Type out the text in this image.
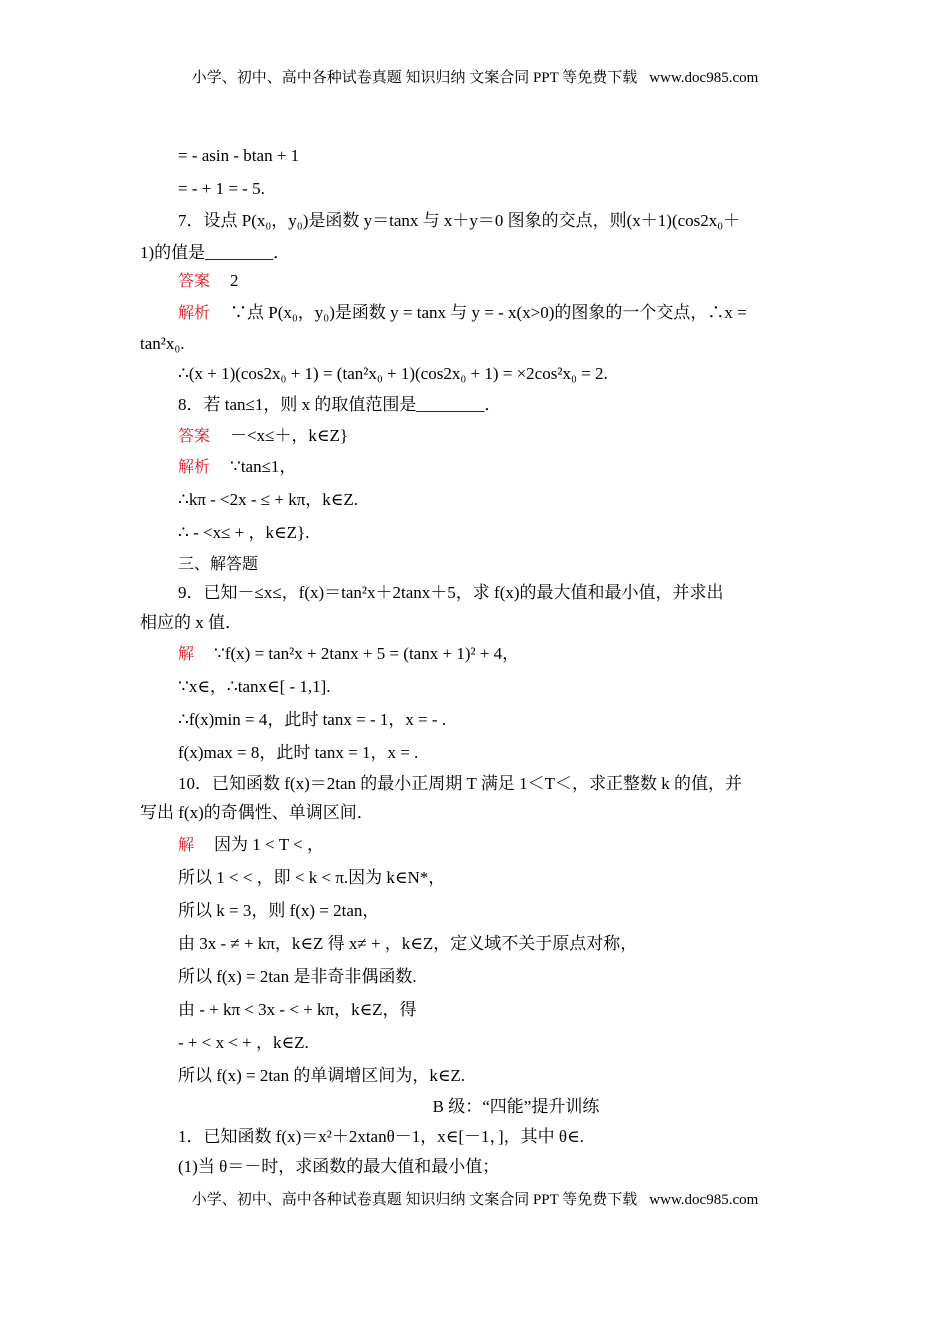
小学、初中、高中各种试卷真题 知识归纳 文案合同 PPT 等免费下载 www.doc985.com
= - asin - btan + 1
= - + 1 = - 5.
7．设点 P(x₀，y₀)是函数 y＝tanx 与 x＋y＝0 图象的交点，则(x＋1)(cos2x₀＋
1)的值是________．
答案 2
解析 ∵点 P(x₀，y₀)是函数 y = tanx 与 y = - x(x>0)的图象的一个交点，∴x =
tan²x₀.
∴(x + 1)(cos2x₀ + 1) = (tan²x₀ + 1)(cos2x₀ + 1) = ×2cos²x₀ = 2.
8．若 tan≤1，则 x 的取值范围是________．
答案 －<x≤＋，k∈Z}
解析 ∵tan≤1，
∴kπ - <2x - ≤ + kπ，k∈Z.
∴ - <x≤ + ，k∈Z}.
三、解答题
9．已知－≤x≤，f(x)＝tan²x＋2tanx＋5，求 f(x)的最大值和最小值，并求出
相应的 x 值．
解 ∵f(x) = tan²x + 2tanx + 5 = (tanx + 1)² + 4，
∵x∈，∴tanx∈[ - 1,1].
∴f(x)min = 4，此时 tanx = - 1，x = - .
f(x)max = 8，此时 tanx = 1，x = .
10．已知函数 f(x)＝2tan 的最小正周期 T 满足 1＜T＜，求正整数 k 的值，并
写出 f(x)的奇偶性、单调区间．
解 因为 1 < T < ，
所以 1 < < ，即 < k < π.因为 k∈N*，
所以 k = 3，则 f(x) = 2tan，
由 3x - ≠ + kπ，k∈Z 得 x≠ + ，k∈Z，定义域不关于原点对称，
所以 f(x) = 2tan 是非奇非偶函数.
由 - + kπ < 3x - < + kπ，k∈Z，得
- + < x < + ，k∈Z.
所以 f(x) = 2tan 的单调增区间为，k∈Z.
B 级：“四能”提升训练
1．已知函数 f(x)＝x²＋2xtanθ－1，x∈[－1，]，其中 θ∈.
(1)当 θ＝－时，求函数的最大值和最小值；
小学、初中、高中各种试卷真题 知识归纳 文案合同 PPT 等免费下载 www.doc985.com
